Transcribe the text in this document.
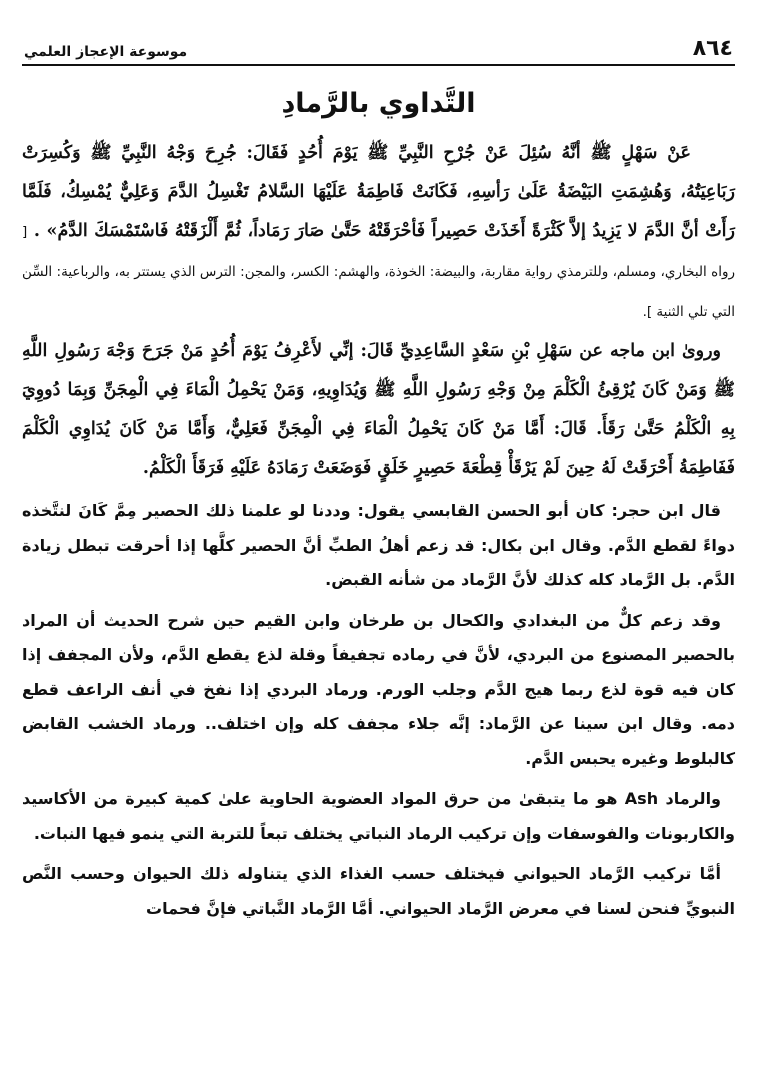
٨٦٤
موسوعة الإعجاز العلمي
التَّداوي بالرَّمادِ

عَنْ سَهْلٍ ﷺ أنَّهُ سُئِلَ عَنْ جُرْحِ النَّبِيِّ ﷺ يَوْمَ أُحُدٍ فَقَالَ: جُرِحَ وَجْهُ النَّبِيِّ ﷺ وَكُسِرَتْ رَبَاعِيَتُهُ، وَهُشِمَتِ البَيْضَةُ عَلَىٰ رَأسِهِ، فَكَانَتْ فَاطِمَةُ عَلَيْهَا السَّلامُ تَغْسِلُ الدَّمَ وَعَلِيٌّ يُمْسِكُ، فَلَمَّا رَأَتْ أنَّ الدَّمَ لا يَزِيدُ إلاَّ كَثْرَةً أَخَذَتْ حَصِيراً فَأحْرَقَتْهُ حَتَّىٰ صَارَ رَمَاداً، ثُمَّ أَلْزَقَتْهُ فَاسْتَمْسَكَ الدَّمُ» . [ رواه البخاري، ومسلم، وللترمذي رواية مقاربة، والبيضة: الخوذة، والهشم: الكسر، والمجن: الترس الذي يستتر به، والرباعية: السِّن التي تلي الثنية ].

ورویٰ ابن ماجه عن سَهْلِ بْنِ سَعْدٍ السَّاعِدِيِّ قَالَ: إنِّي لأَعْرِفُ يَوْمَ أُحُدٍ مَنْ جَرَحَ وَجْهَ رَسُولِ اللَّهِ ﷺ وَمَنْ كَانَ يُرْقِئُ الْكَلْمَ مِنْ وَجْهِ رَسُولِ اللَّهِ ﷺ وَيُدَاوِيهِ، وَمَنْ يَحْمِلُ الْمَاءَ فِي الْمِجَنِّ وَبِمَا دُووِيَ بِهِ الْكَلْمُ حَتَّىٰ رَقَأَ. قَالَ: أَمَّا مَنْ كَانَ يَحْمِلُ الْمَاءَ فِي الْمِجَنِّ فَعَلِيٌّ، وَأَمَّا مَنْ كَانَ يُدَاوِي الْكَلْمَ فَفَاطِمَةُ أَحْرَقَتْ لَهُ حِينَ لَمْ يَرْقَأْ قِطْعَةَ حَصِيرٍ خَلَقٍ فَوَضَعَتْ رَمَادَهُ عَلَيْهِ فَرَقَأَ الْكَلْمُ.

قال ابن حجر: كان أبو الحسن القابسي يقول: وددنا لو علمنا ذلك الحصير مِمَّ كَانَ لنتَّخذه دواءً لقطع الدَّم. وقال ابن بكال: قد زعم أهلُ الطبِّ أنَّ الحصير كلَّها إذا أحرقت تبطل زيادة الدَّم. بل الرَّماد كله كذلك لأنَّ الرَّماد من شأنه القبض.

وقد زعم كلٌّ من البغدادي والكحال بن طرخان وابن القيم حين شرح الحديث أن المراد بالحصير المصنوع من البردي، لأنَّ في رماده تجفيفاً وقلة لذع يقطع الدَّم، ولأن المجفف إذا كان فيه قوة لذع ربما هيج الدَّم وجلب الورم. ورماد البردي إذا نفخ في أنف الراعف قطع دمه. وقال ابن سينا عن الرَّماد: إنَّه جلاء مجفف كله وإن اختلف.. ورماد الخشب القابض كالبلوط وغيره يحبس الدَّم.

والرماد Ash هو ما يتبقىٰ من حرق المواد العضوية الحاوية علىٰ كمية كبيرة من الأكاسيد والكاربونات والفوسفات وإن تركيب الرماد النباتي يختلف تبعاً للتربة التي ينمو فيها النبات.

أمَّا تركيب الرَّماد الحيواني فيختلف حسب الغذاء الذي يتناوله ذلك الحيوان وحسب النَّص النبويِّ فنحن لسنا في معرض الرَّماد الحيواني. أمَّا الرَّماد النَّباتي فإنَّ فحمات
